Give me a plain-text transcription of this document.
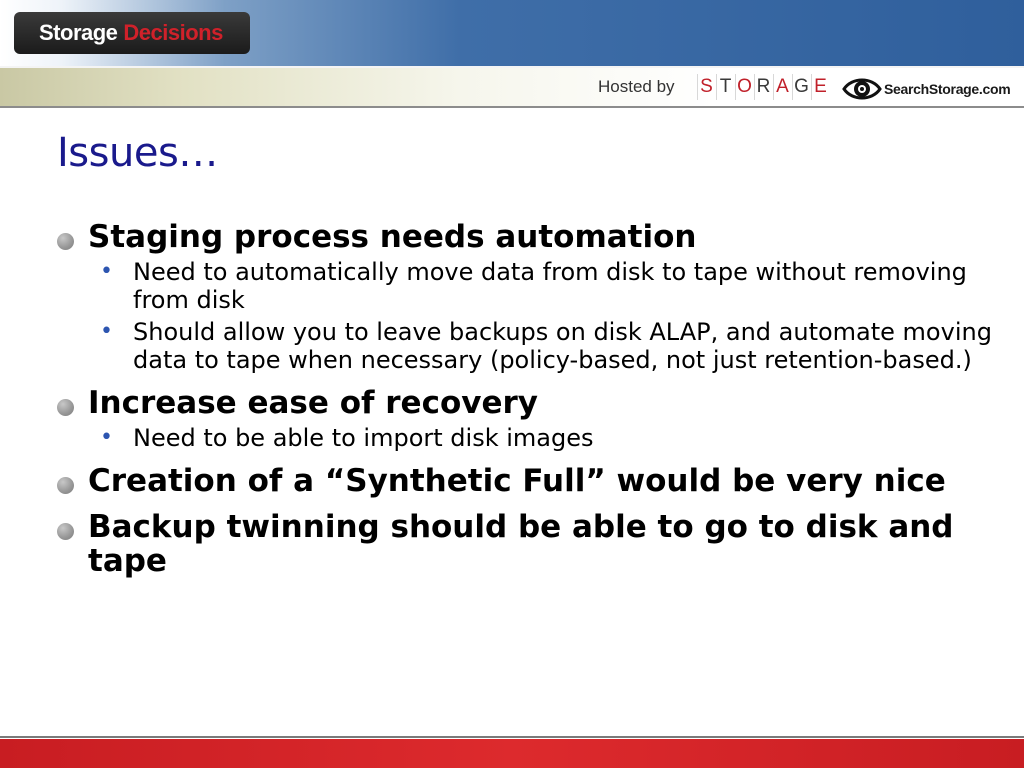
Storage Decisions
Hosted by S T O R A G E	SearchStorage.com
Issues…
Staging process needs automation
• Need to automatically move data from disk to tape without removing from disk
• Should allow you to leave backups on disk ALAP, and automate moving data to tape when necessary (policy-based, not just retention-based.)
Increase ease of recovery
• Need to be able to import disk images
Creation of a “Synthetic Full” would be very nice
Backup twinning should be able to go to disk and tape
